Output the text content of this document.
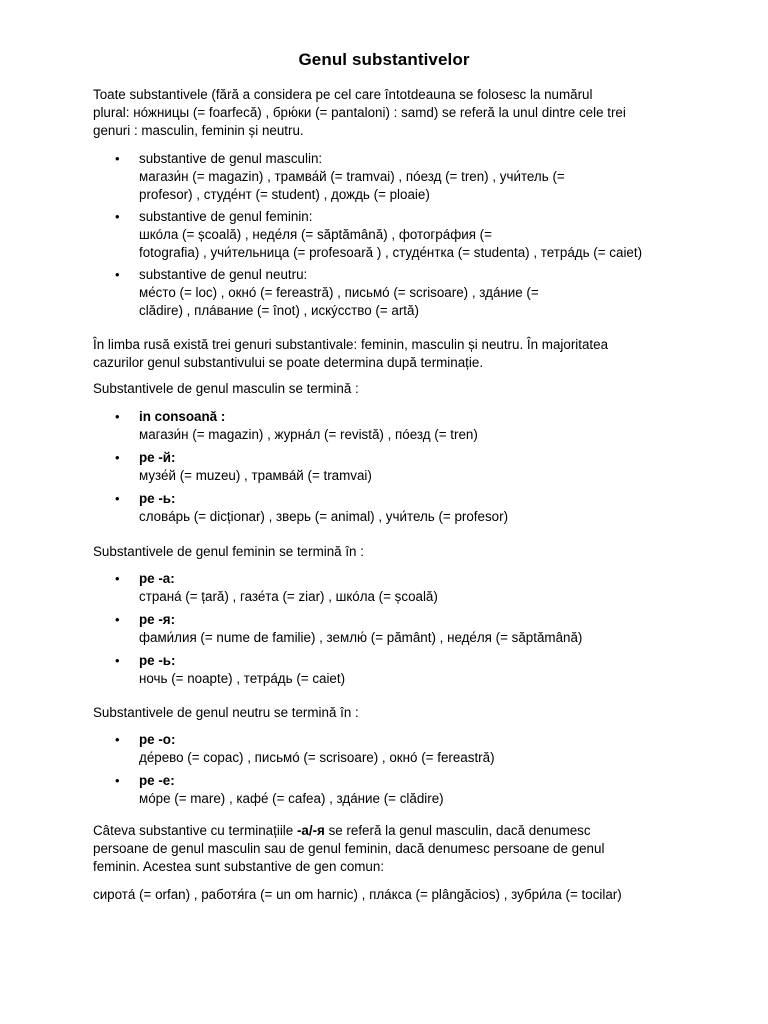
Genul substantivelor
Toate substantivele (fără a considera pe cel care întotdeauna se folosesc la numărul
plural: нóжницы (= foarfecă) , брю́ки (= pantaloni) : samd) se referă la unul dintre cele trei
genuri : masculin, feminin și neutru.
• substantive de genul masculin:
магази́н (= magazin) , трамва́й (= tramvai) , пóезд (= tren) , учи́тель (=
profesor) , студе́нт (= student) , дождь (= ploaie)
• substantive de genul feminin:
шкóла (= școală) , неде́ля (= săptămână) , фотогрáфия (=
fotografia) , учи́тельница (= profesoară ) , студе́нтка (= studenta) , тетрáдь (= caiet)
• substantive de genul neutru:
ме́сто (= loc) , окнó (= fereastră) , письмó (= scrisoare) , здáние (=
clădire) , плáвание (= înot) , искýсство (= artă)
În limba rusă există trei genuri substantivale: feminin, masculin și neutru. În majoritatea
cazurilor genul substantivului se poate determina după terminație.
Substantivele de genul masculin se termină :
• in consoană :
магази́н (= magazin) , журнáл (= revistă) , пóезд (= tren)
• pe -й:
музе́й (= muzeu) , трамвáй (= tramvai)
• pe -ь:
словáрь (= dicționar) , зверь (= animal) , учи́тель (= profesor)
Substantivele de genul feminin se termină în :
• pe -а:
странá (= țară) , газе́та (= ziar) , шкóла (= școală)
• pe -я:
фами́лия (= nume de familie) , землю́ (= pământ) , неде́ля (= săptămână)
• pe -ь:
ночь (= noapte) , тетрáдь (= caiet)
Substantivele de genul neutru se termină în :
• pe -о:
де́рево (= copac) , письмó (= scrisoare) , окнó (= fereastră)
• pe -е:
мóре (= mare) , кафе́ (= cafea) , здáние (= clădire)
Câteva substantive cu terminațiile -а/-я se referă la genul masculin, dacă denumesc
persoane de genul masculin sau de genul feminin, dacă denumesc persoane de genul
feminin. Acestea sunt substantive de gen comun:
сиротá (= orfan) , работя́га (= un om harnic) , плáкса (= plângăcios) , зубри́ла (= tocilar)
